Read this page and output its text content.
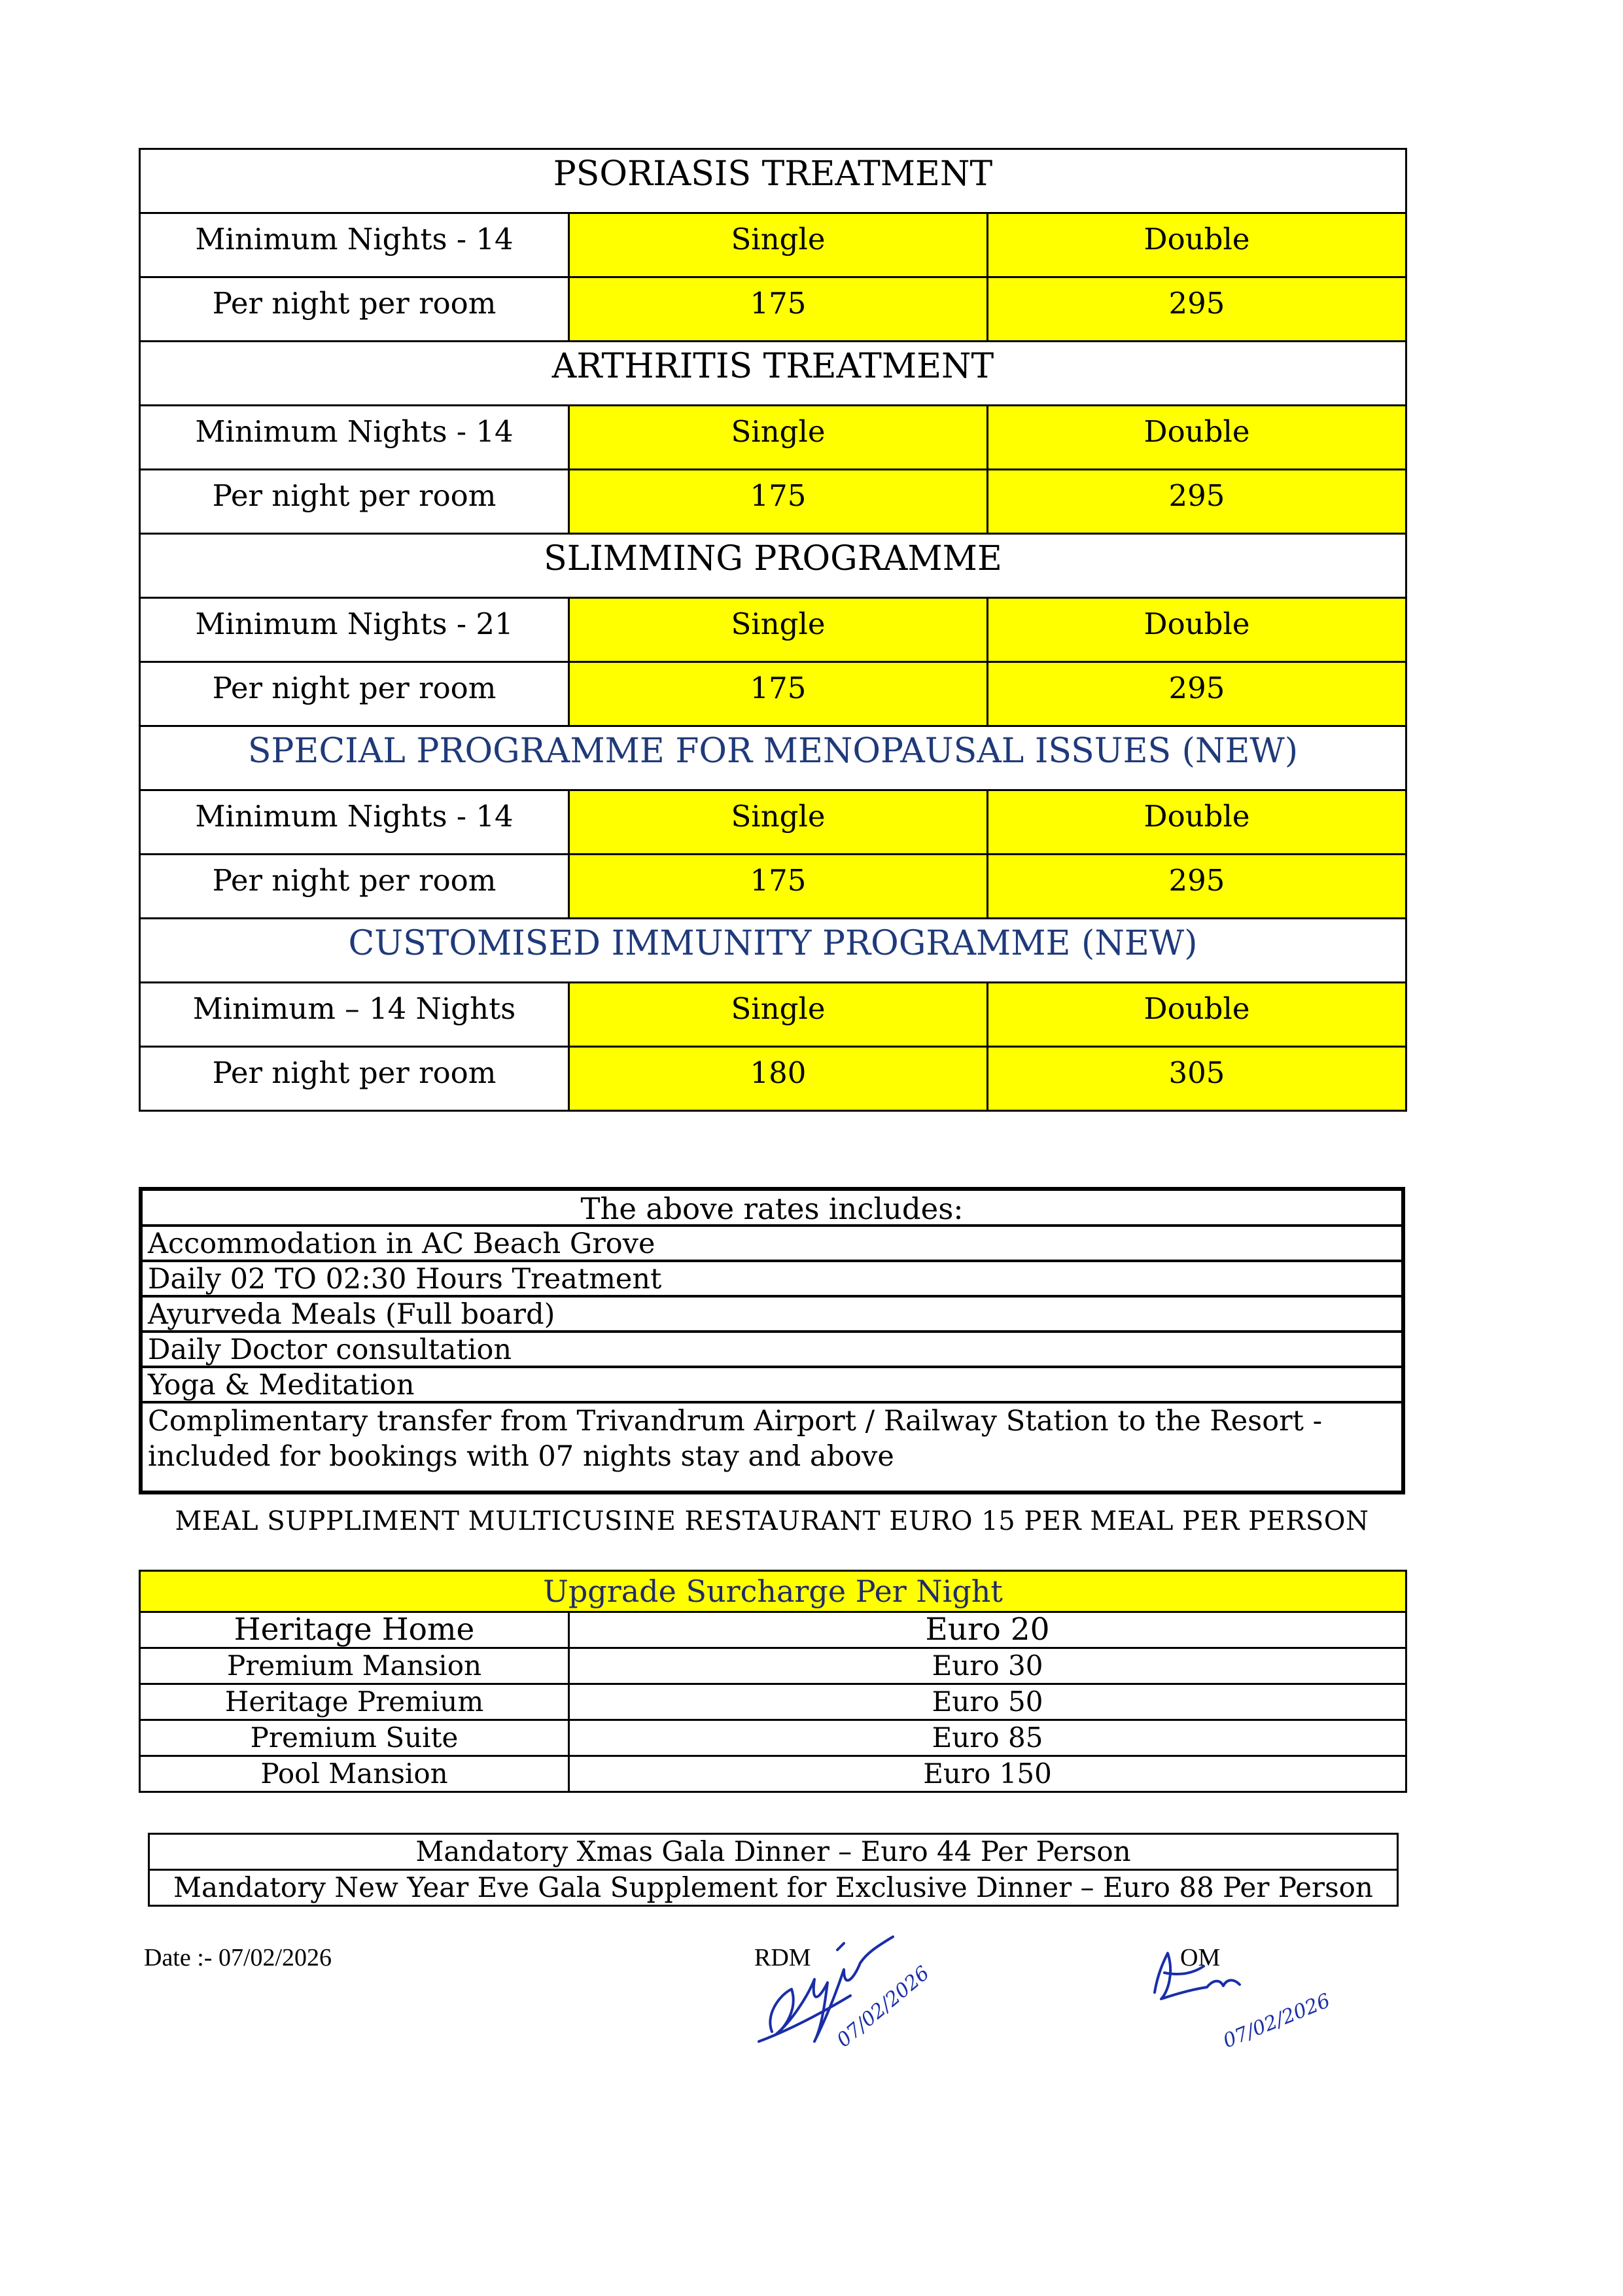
PSORIASIS TREATMENT		

Minimum Nights - 14	Single	Double

Per night per room	175	295

ARTHRITIS TREATMENT		

Minimum Nights - 14	Single	Double

Per night per room	175	295

SLIMMING PROGRAMME		

Minimum Nights - 21	Single	Double

Per night per room	175	295

SPECIAL PROGRAMME FOR MENOPAUSAL ISSUES (NEW)		

Minimum Nights - 14	Single	Double

Per night per room	175	295

CUSTOMISED IMMUNITY PROGRAMME (NEW)		

Minimum – 14 Nights	Single	Double

Per night per room	180	305
The above rates includes:
Accommodation in AC Beach Grove
Daily 02 TO 02:30 Hours Treatment
Ayurveda Meals (Full board)
Daily Doctor consultation
Yoga & Meditation
Complimentary transfer from Trivandrum Airport / Railway Station to the Resort -
included for bookings with 07 nights stay and above
MEAL SUPPLIMENT MULTICUSINE RESTAURANT EURO 15 PER MEAL PER PERSON
Upgrade Surcharge Per Night	
Heritage Home	Euro 20
Premium Mansion	Euro 30
Heritage Premium	Euro 50
Premium Suite	Euro 85
Pool Mansion	Euro 150
Mandatory Xmas Gala Dinner – Euro 44 Per Person
Mandatory New Year Eve Gala Supplement for Exclusive Dinner – Euro 88 Per Person
Date :- 07/02/2026	RDM	OM
07/02/2026	07/02/2026
